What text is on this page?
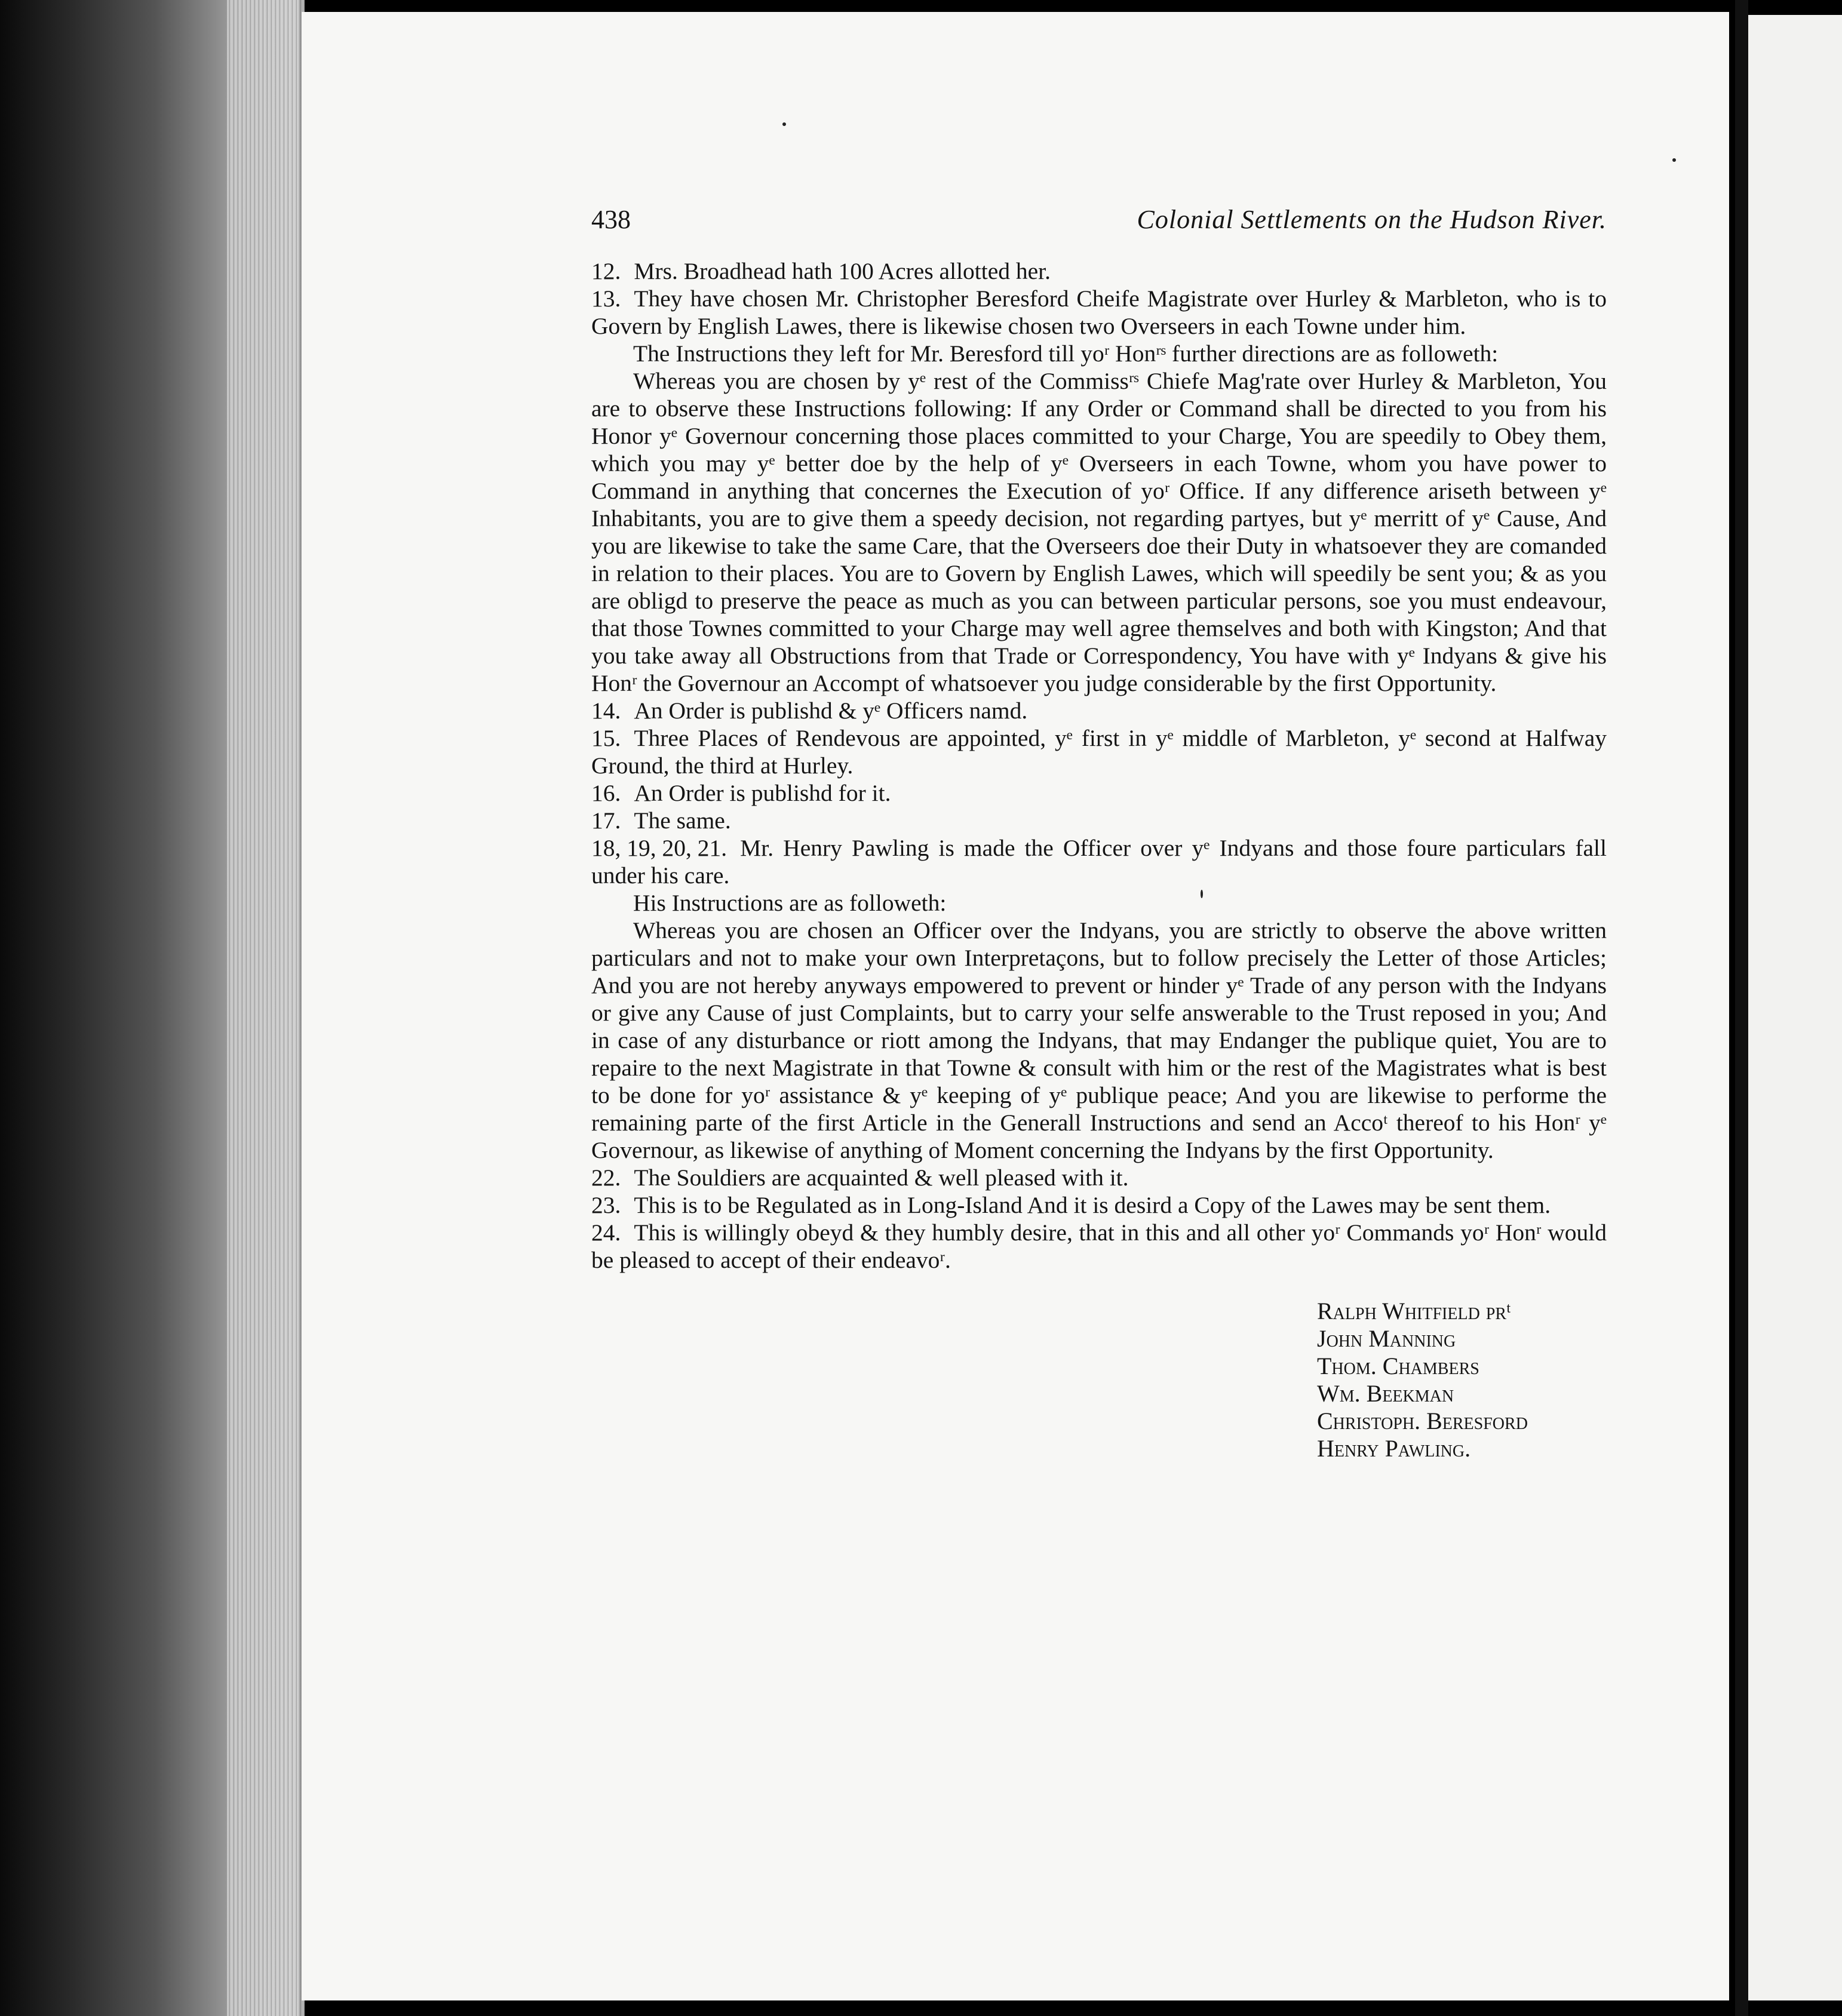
438	Colonial Settlements on the Hudson River.

12. Mrs. Broadhead hath 100 Acres allotted her.

13. They have chosen Mr. Christopher Beresford Cheife Magistrate over Hurley & Marbleton, who is to Govern by English Lawes, there is likewise chosen two Overseers in each Towne under him.

The Instructions they left for Mr. Beresford till yoʳ Honʳˢ further directions are as followeth:

Whereas you are chosen by yᵉ rest of the Commissʳˢ Chiefe Mag'rate over Hurley & Marbleton, You are to observe these Instructions following: If any Order or Command shall be directed to you from his Honor yᵉ Governour concerning those places committed to your Charge, You are speedily to Obey them, which you may yᵉ better doe by the help of yᵉ Overseers in each Towne, whom you have power to Command in anything that concernes the Execution of yoʳ Office. If any difference ariseth between yᵉ Inhabitants, you are to give them a speedy decision, not regarding partyes, but yᵉ merritt of yᵉ Cause, And you are likewise to take the same Care, that the Overseers doe their Duty in whatsoever they are comanded in relation to their places. You are to Govern by English Lawes, which will speedily be sent you; & as you are obligd to preserve the peace as much as you can between particular persons, soe you must endeavour, that those Townes committed to your Charge may well agree themselves and both with Kingston; And that you take away all Obstructions from that Trade or Correspondency, You have with yᵉ Indyans & give his Honʳ the Governour an Accompt of whatsoever you judge considerable by the first Opportunity.

14. An Order is publishd & yᵉ Officers namd.

15. Three Places of Rendevous are appointed, yᵉ first in yᵉ middle of Marbleton, yᵉ second at Halfway Ground, the third at Hurley.

16. An Order is publishd for it.

17. The same.

18, 19, 20, 21. Mr. Henry Pawling is made the Officer over yᵉ Indyans and those foure particulars fall under his care.

His Instructions are as followeth:

Whereas you are chosen an Officer over the Indyans, you are strictly to observe the above written particulars and not to make your own Interpretaçons, but to follow precisely the Letter of those Articles; And you are not hereby anyways empowered to prevent or hinder yᵉ Trade of any person with the Indyans or give any Cause of just Complaints, but to carry your selfe answerable to the Trust reposed in you; And in case of any disturbance or riott among the Indyans, that may Endanger the publique quiet, You are to repaire to the next Magistrate in that Towne & consult with him or the rest of the Magistrates what is best to be done for yoʳ assistance & yᵉ keeping of yᵉ publique peace; And you are likewise to performe the remaining parte of the first Article in the Generall Instructions and send an Accoᵗ thereof to his Honʳ yᵉ Governour, as likewise of anything of Moment concerning the Indyans by the first Opportunity.

22. The Souldiers are acquainted & well pleased with it.

23. This is to be Regulated as in Long-Island And it is desird a Copy of the Lawes may be sent them.

24. This is willingly obeyd & they humbly desire, that in this and all other yoʳ Commands yoʳ Honʳ would be pleased to accept of their endeavoʳ.

Ralph Whitfield prᵗ
John Manning
Thom. Chambers
Wm. Beekman
Christoph. Beresford
Henry Pawling.
